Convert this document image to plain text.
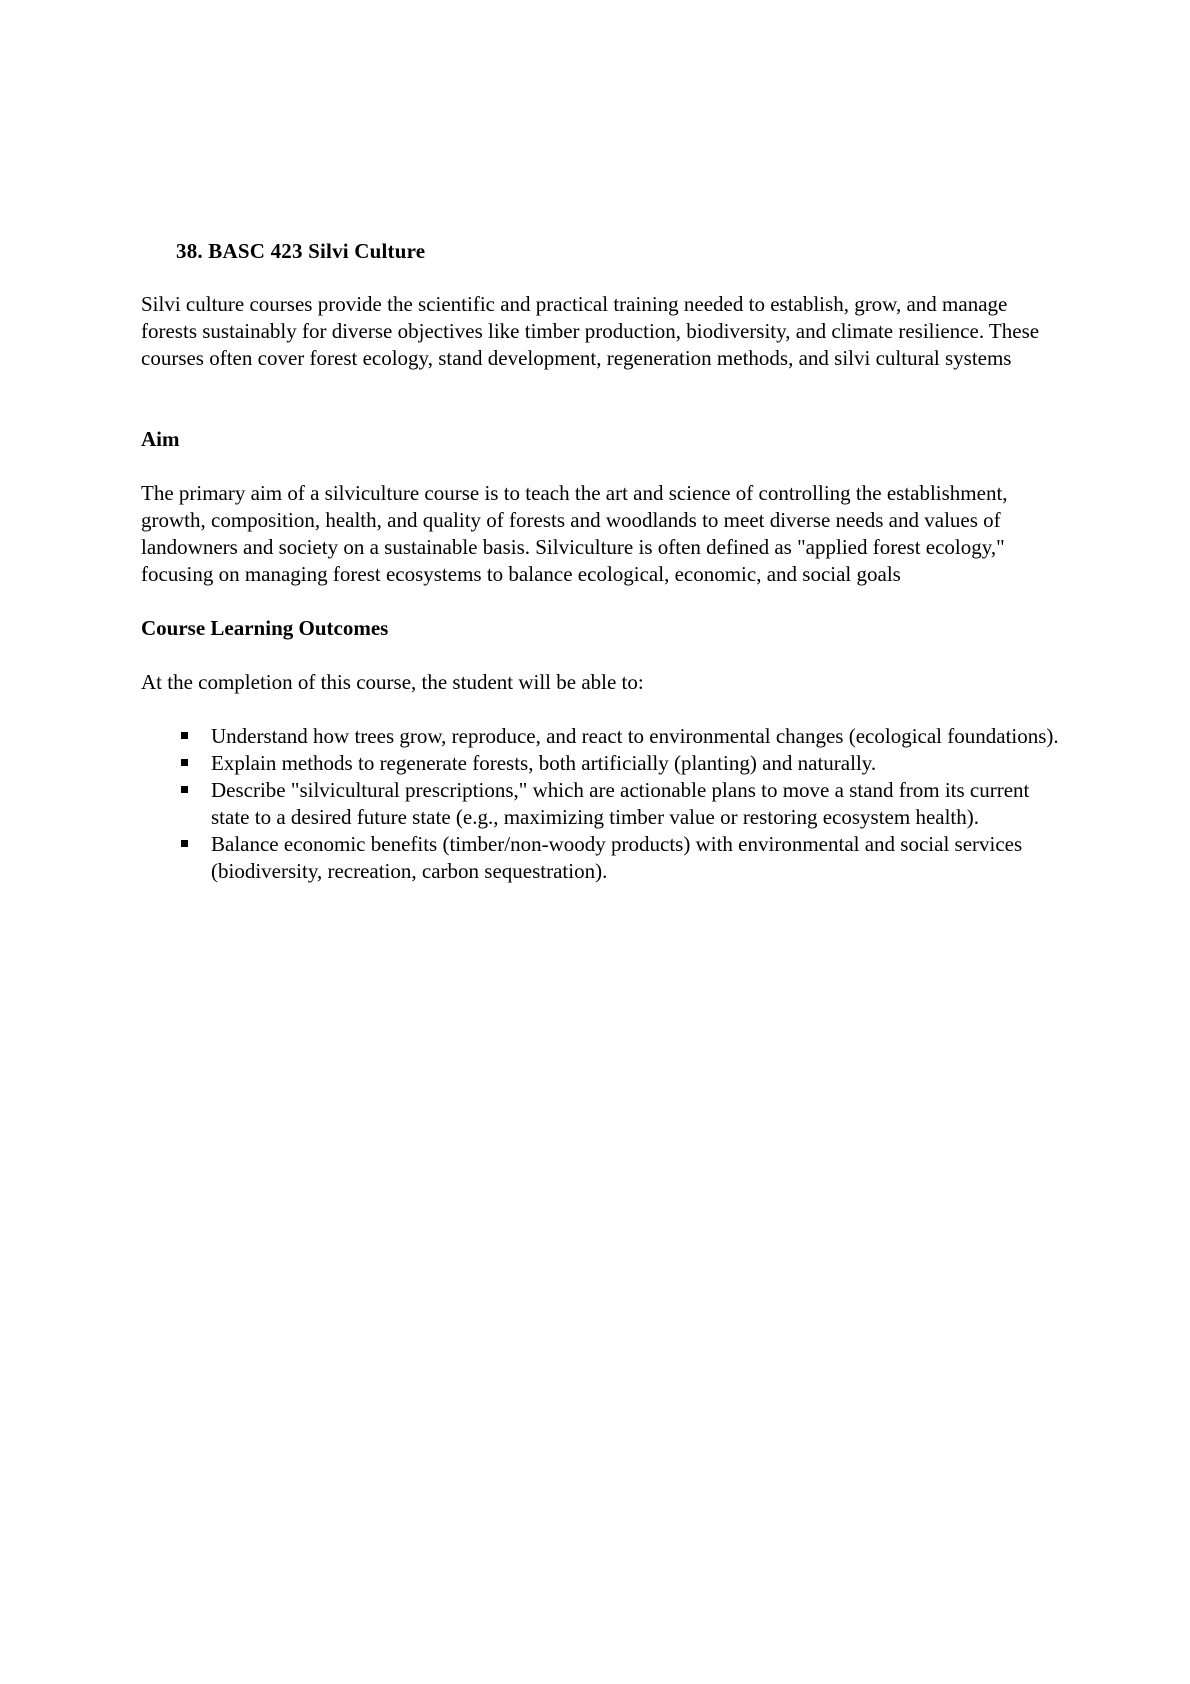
38. BASC 423 Silvi Culture

Silvi culture courses provide the scientific and practical training needed to establish, grow, and manage forests sustainably for diverse objectives like timber production, biodiversity, and climate resilience. These courses often cover forest ecology, stand development, regeneration methods, and silvi cultural systems

Aim

The primary aim of a silviculture course is to teach the art and science of controlling the establishment, growth, composition, health, and quality of forests and woodlands to meet diverse needs and values of landowners and society on a sustainable basis. Silviculture is often defined as "applied forest ecology," focusing on managing forest ecosystems to balance ecological, economic, and social goals

Course Learning Outcomes

At the completion of this course, the student will be able to:

Understand how trees grow, reproduce, and react to environmental changes (ecological foundations).
Explain methods to regenerate forests, both artificially (planting) and naturally.
Describe "silvicultural prescriptions," which are actionable plans to move a stand from its current state to a desired future state (e.g., maximizing timber value or restoring ecosystem health).
Balance economic benefits (timber/non-woody products) with environmental and social services (biodiversity, recreation, carbon sequestration).
